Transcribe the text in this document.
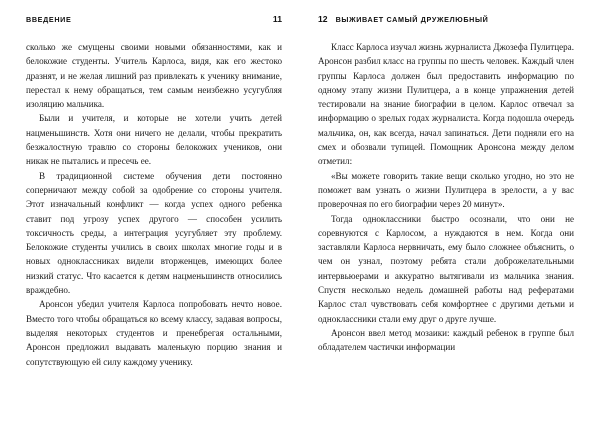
ВВЕДЕНИЕ	11

сколько же смущены своими новыми обязанностями, как и белокожие студенты. Учитель Карлоса, видя, как его жестоко дразнят, и не желая лишний раз привлекать к ученику внимание, перестал к нему обращаться, тем самым неизбежно усугубляя изоляцию мальчика.

Были и учителя, и которые не хотели учить детей нацменьшинств. Хотя они ничего не делали, чтобы прекратить безжалостную травлю со стороны белокожих учеников, они никак не пытались и пресечь ее.

В традиционной системе обучения дети постоянно соперничают между собой за одобрение со стороны учителя. Этот изначальный конфликт — когда успех одного ребенка ставит под угрозу успех другого — способен усилить токсичность среды, а интеграция усугубляет эту проблему. Белокожие студенты учились в своих школах многие годы и в новых одноклассниках видели вторженцев, имеющих более низкий статус. Что касается к детям нацменьшинств относились враждебно.

Аронсон убедил учителя Карлоса попробовать нечто новое. Вместо того чтобы обращаться ко всему классу, задавая вопросы, выделяя некоторых студентов и пренебрегая остальными, Аронсон предложил выдавать маленькую порцию знания и сопутствующую ей силу каждому ученику.

12 ВЫЖИВАЕТ САМЫЙ ДРУЖЕЛЮБНЫЙ

Класс Карлоса изучал жизнь журналиста Джозефа Пулитцера. Аронсон разбил класс на группы по шесть человек. Каждый член группы Карлоса должен был предоставить информацию по одному этапу жизни Пулитцера, а в конце упражнения детей тестировали на знание биографии в целом. Карлос отвечал за информацию о зрелых годах журналиста. Когда подошла очередь мальчика, он, как всегда, начал запинаться. Дети подняли его на смех и обозвали тупицей. Помощник Аронсона между делом отметил:

«Вы можете говорить такие вещи сколько угодно, но это не поможет вам узнать о жизни Пулитцера в зрелости, а у вас проверочная по его биографии через 20 минут».

Тогда одноклассники быстро осознали, что они не соревнуются с Карлосом, а нуждаются в нем. Когда они заставляли Карлоса нервничать, ему было сложнее объяснить, о чем он узнал, поэтому ребята стали доброжелательными интервьюерами и аккуратно вытягивали из мальчика знания. Спустя несколько недель домашней работы над рефератами Карлос стал чувствовать себя комфортнее с другими детьми и одноклассники стали ему друг о друге лучше.

Аронсон ввел метод мозаики: каждый ребенок в группе был обладателем частички информации
